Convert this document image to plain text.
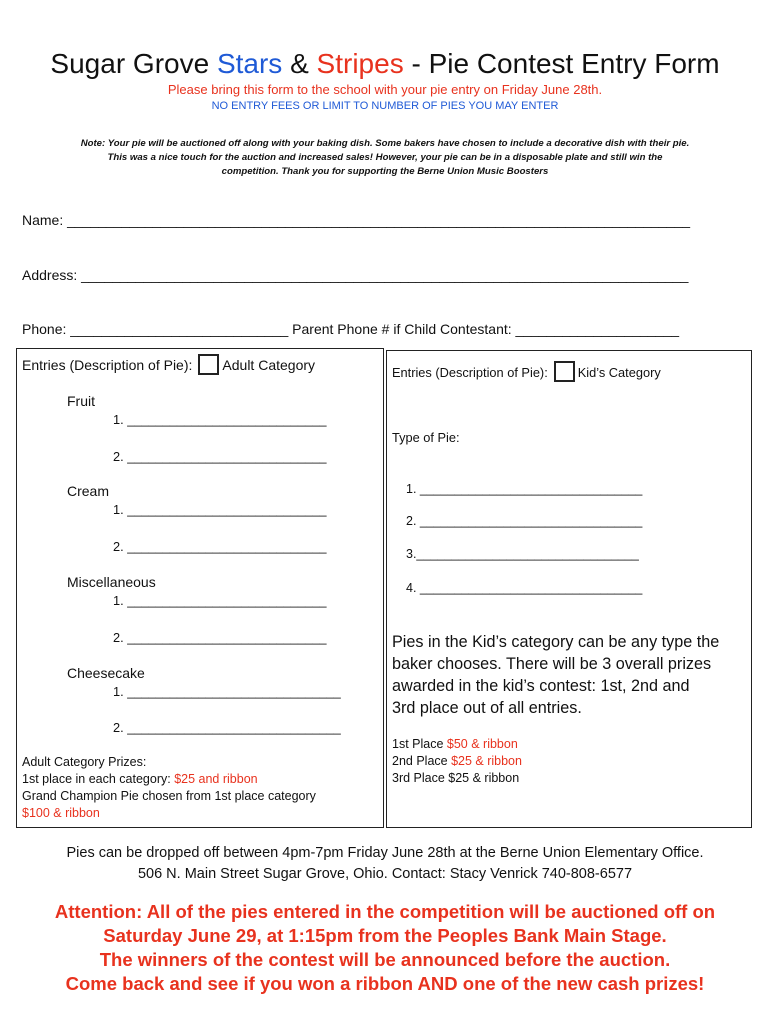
Sugar Grove Stars & Stripes - Pie Contest Entry Form
Please bring this form to the school with your pie entry on Friday June 28th.
NO ENTRY FEES OR LIMIT TO NUMBER OF PIES YOU MAY ENTER
Note: Your pie will be auctioned off along with your baking dish. Some bakers have chosen to include a decorative dish with their pie.
This was a nice touch for the auction and increased sales! However, your pie can be in a disposable plate and still win the
competition. Thank you for supporting the Berne Union Music Boosters
Name: ________________________________________________________________________________
Address: ______________________________________________________________________________
Phone: ____________________________ Parent Phone # if Child Contestant: _____________________
Entries (Description of Pie): Adult Category
Fruit
1. ____________________________
2. ____________________________
Cream
1. ____________________________
2. ____________________________
Miscellaneous
1. ____________________________
2. ____________________________
Cheesecake
1. ______________________________
2. ______________________________
Adult Category Prizes:
1st place in each category: $25 and ribbon
Grand Champion Pie chosen from 1st place category
$100 & ribbon
Entries (Description of Pie): Kid’s Category
Type of Pie:
1. ________________________________
2. ________________________________
3.________________________________
4. ________________________________
Pies in the Kid’s category can be any type the
baker chooses. There will be 3 overall prizes
awarded in the kid’s contest: 1st, 2nd and
3rd place out of all entries.
1st Place $50 & ribbon
2nd Place $25 & ribbon
3rd Place $25 & ribbon
Pies can be dropped off between 4pm-7pm Friday June 28th at the Berne Union Elementary Office.
506 N. Main Street Sugar Grove, Ohio. Contact: Stacy Venrick 740-808-6577
Attention: All of the pies entered in the competition will be auctioned off on
Saturday June 29, at 1:15pm from the Peoples Bank Main Stage.
The winners of the contest will be announced before the auction.
Come back and see if you won a ribbon AND one of the new cash prizes!
